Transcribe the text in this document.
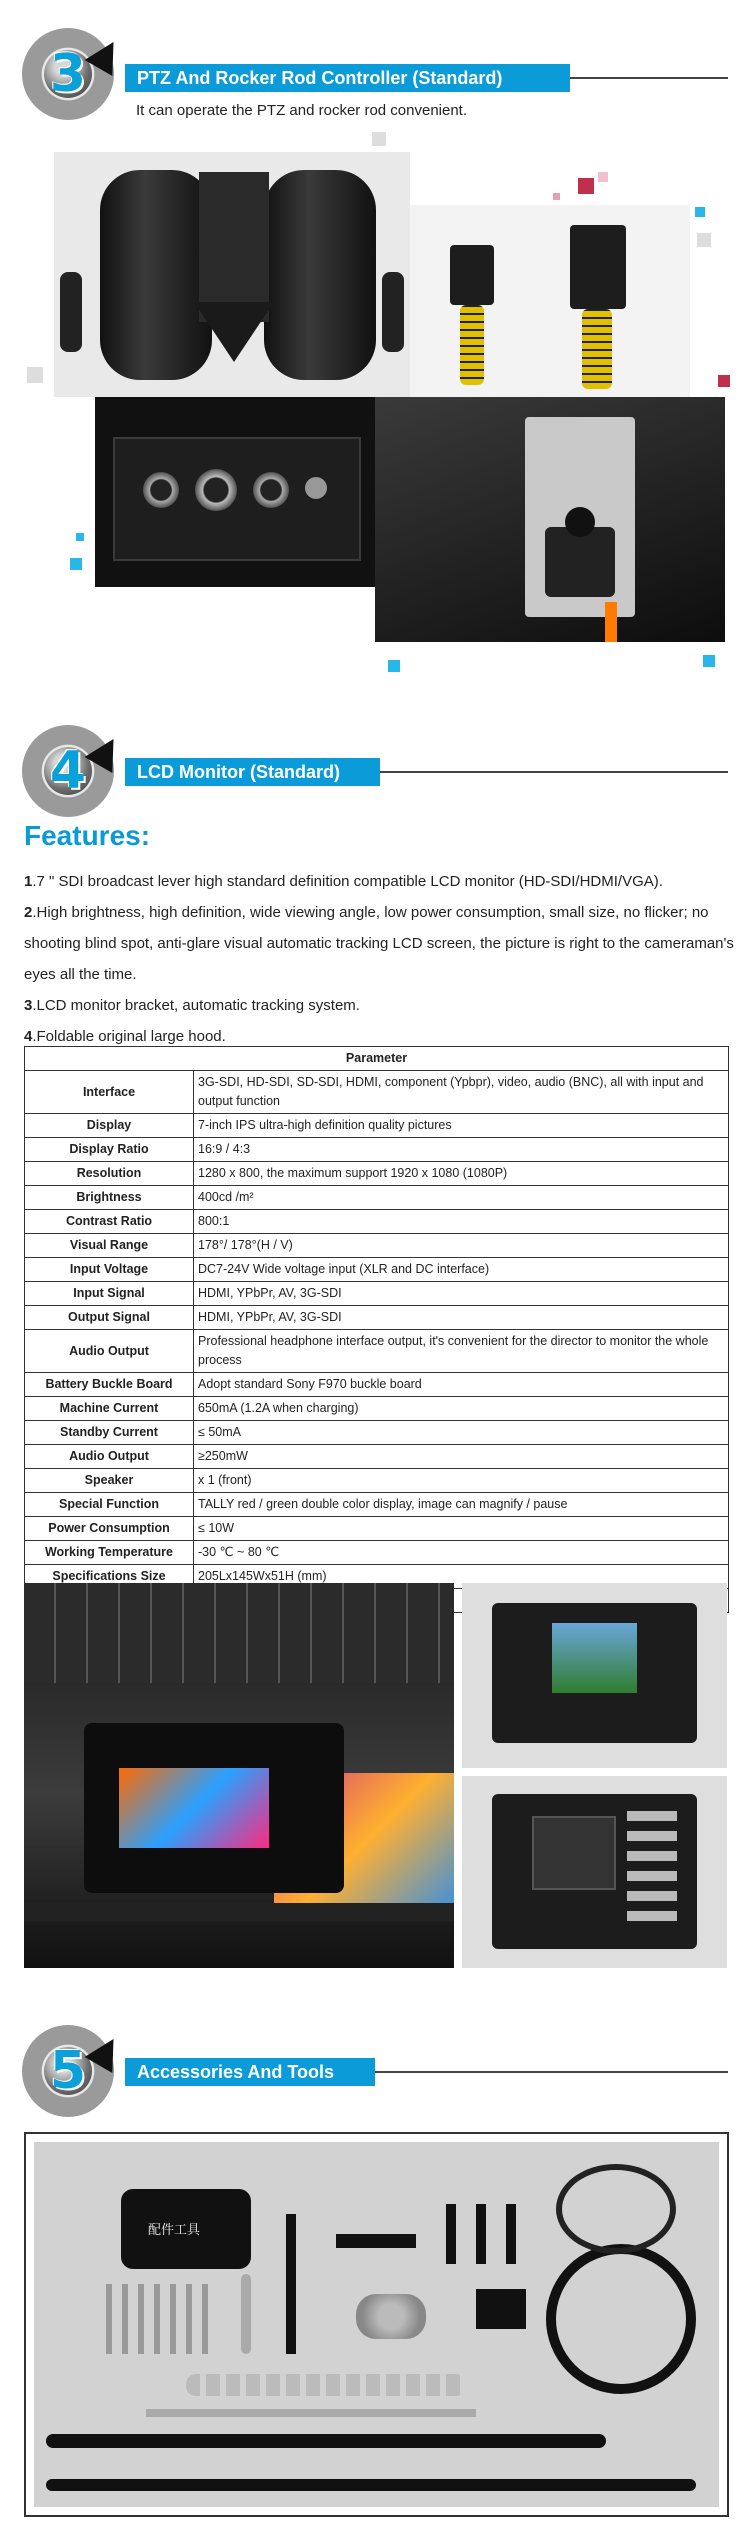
3	PTZ And Rocker Rod Controller (Standard)
It can operate the PTZ and rocker rod convenient.
4	LCD Monitor (Standard)
Features:
1.7 " SDI broadcast lever high standard definition compatible LCD monitor (HD-SDI/HDMI/VGA).
2.High brightness, high definition, wide viewing angle, low power consumption, small size, no flicker; no shooting blind spot, anti-glare visual automatic tracking LCD screen, the picture is right to the cameraman's eyes all the time.
3.LCD monitor bracket, automatic tracking system.
4.Foldable original large hood.
Parameter	
Interface	3G-SDI, HD-SDI, SD-SDI, HDMI, component (Ypbpr), video, audio (BNC), all with input and output function
Display	7-inch IPS ultra-high definition quality pictures
Display Ratio	16:9 / 4:3
Resolution	1280 x 800, the maximum support 1920 x 1080 (1080P)
Brightness	400cd /m²
Contrast Ratio	800:1
Visual Range	178°/ 178°(H / V)
Input Voltage	DC7-24V Wide voltage input (XLR and DC interface)
Input Signal	HDMI, YPbPr, AV, 3G-SDI
Output Signal	HDMI, YPbPr, AV, 3G-SDI
Audio Output	Professional headphone interface output, it's convenient for the director to monitor the whole process
Battery Buckle Board	Adopt standard Sony F970 buckle board
Machine Current	650mA (1.2A when charging)
Standby Current	≤ 50mA
Audio Output	≥250mW
Speaker	x 1 (front)
Special Function	TALLY red / green double color display, image can magnify / pause
Power Consumption	≤ 10W
Working Temperature	-30 ℃ ~ 80 ℃
Specifications Size	205Lx145Wx51H (mm)

5	Accessories And Tools
配件工具
